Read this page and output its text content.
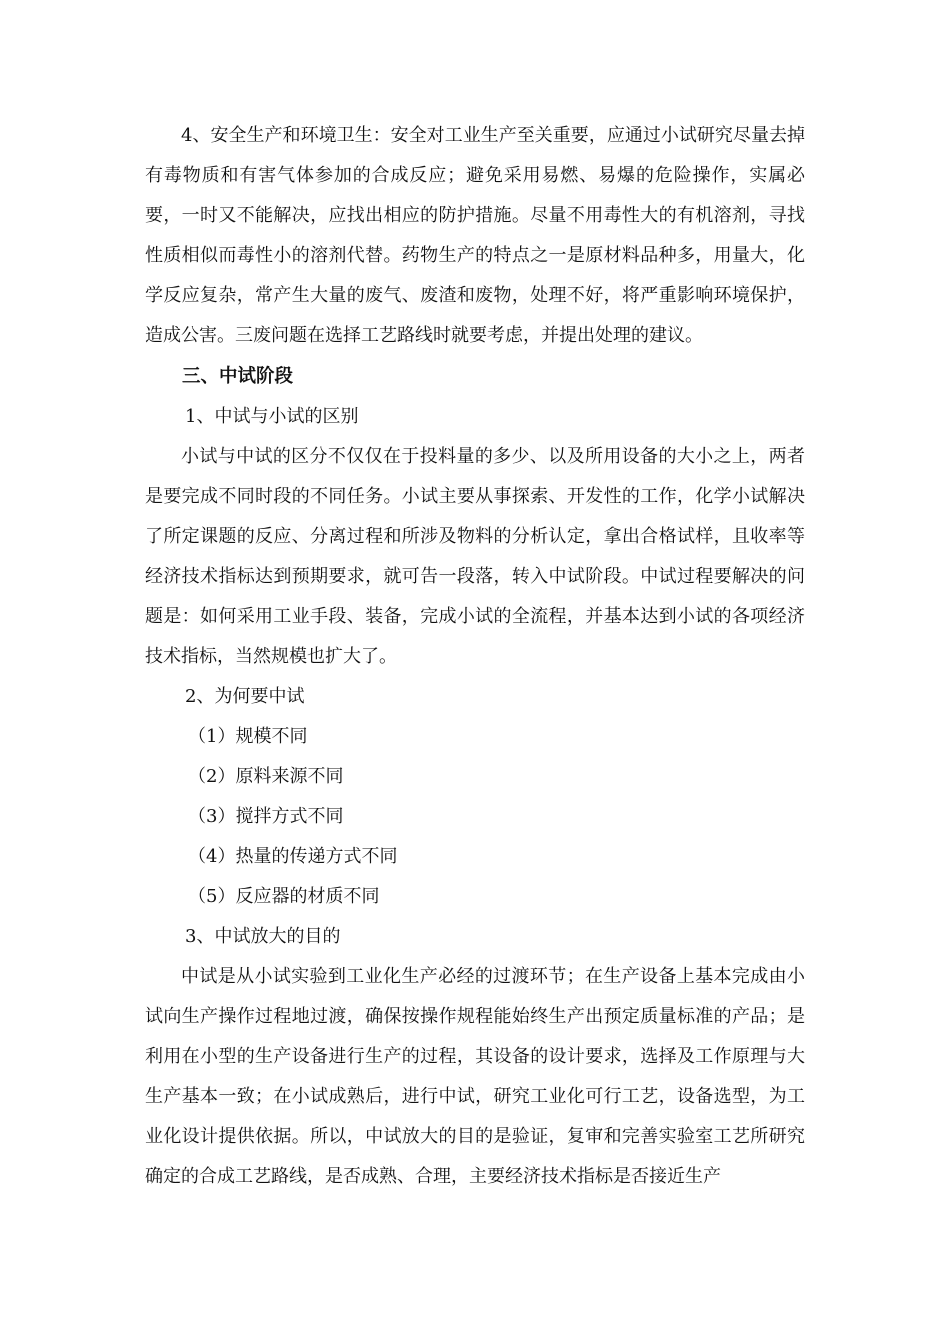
4、安全生产和环境卫生：安全对工业生产至关重要，应通过小试研究尽量去掉有毒物质和有害气体参加的合成反应；避免采用易燃、易爆的危险操作，实属必要，一时又不能解决，应找出相应的防护措施。尽量不用毒性大的有机溶剂，寻找性质相似而毒性小的溶剂代替。药物生产的特点之一是原材料品种多，用量大，化学反应复杂，常产生大量的废气、废渣和废物，处理不好，将严重影响环境保护，造成公害。三废问题在选择工艺路线时就要考虑，并提出处理的建议。

三、中试阶段

1、中试与小试的区别

小试与中试的区分不仅仅在于投料量的多少、以及所用设备的大小之上，两者是要完成不同时段的不同任务。小试主要从事探索、开发性的工作，化学小试解决了所定课题的反应、分离过程和所涉及物料的分析认定，拿出合格试样，且收率等经济技术指标达到预期要求，就可告一段落，转入中试阶段。中试过程要解决的问题是：如何采用工业手段、装备，完成小试的全流程，并基本达到小试的各项经济技术指标，当然规模也扩大了。

2、为何要中试

（1）规模不同

（2）原料来源不同

（3）搅拌方式不同

（4）热量的传递方式不同

（5）反应器的材质不同

3、中试放大的目的

中试是从小试实验到工业化生产必经的过渡环节；在生产设备上基本完成由小试向生产操作过程地过渡，确保按操作规程能始终生产出预定质量标准的产品；是利用在小型的生产设备进行生产的过程，其设备的设计要求，选择及工作原理与大生产基本一致；在小试成熟后，进行中试，研究工业化可行工艺，设备选型，为工业化设计提供依据。所以，中试放大的目的是验证，复审和完善实验室工艺所研究确定的合成工艺路线，是否成熟、合理，主要经济技术指标是否接近生产
